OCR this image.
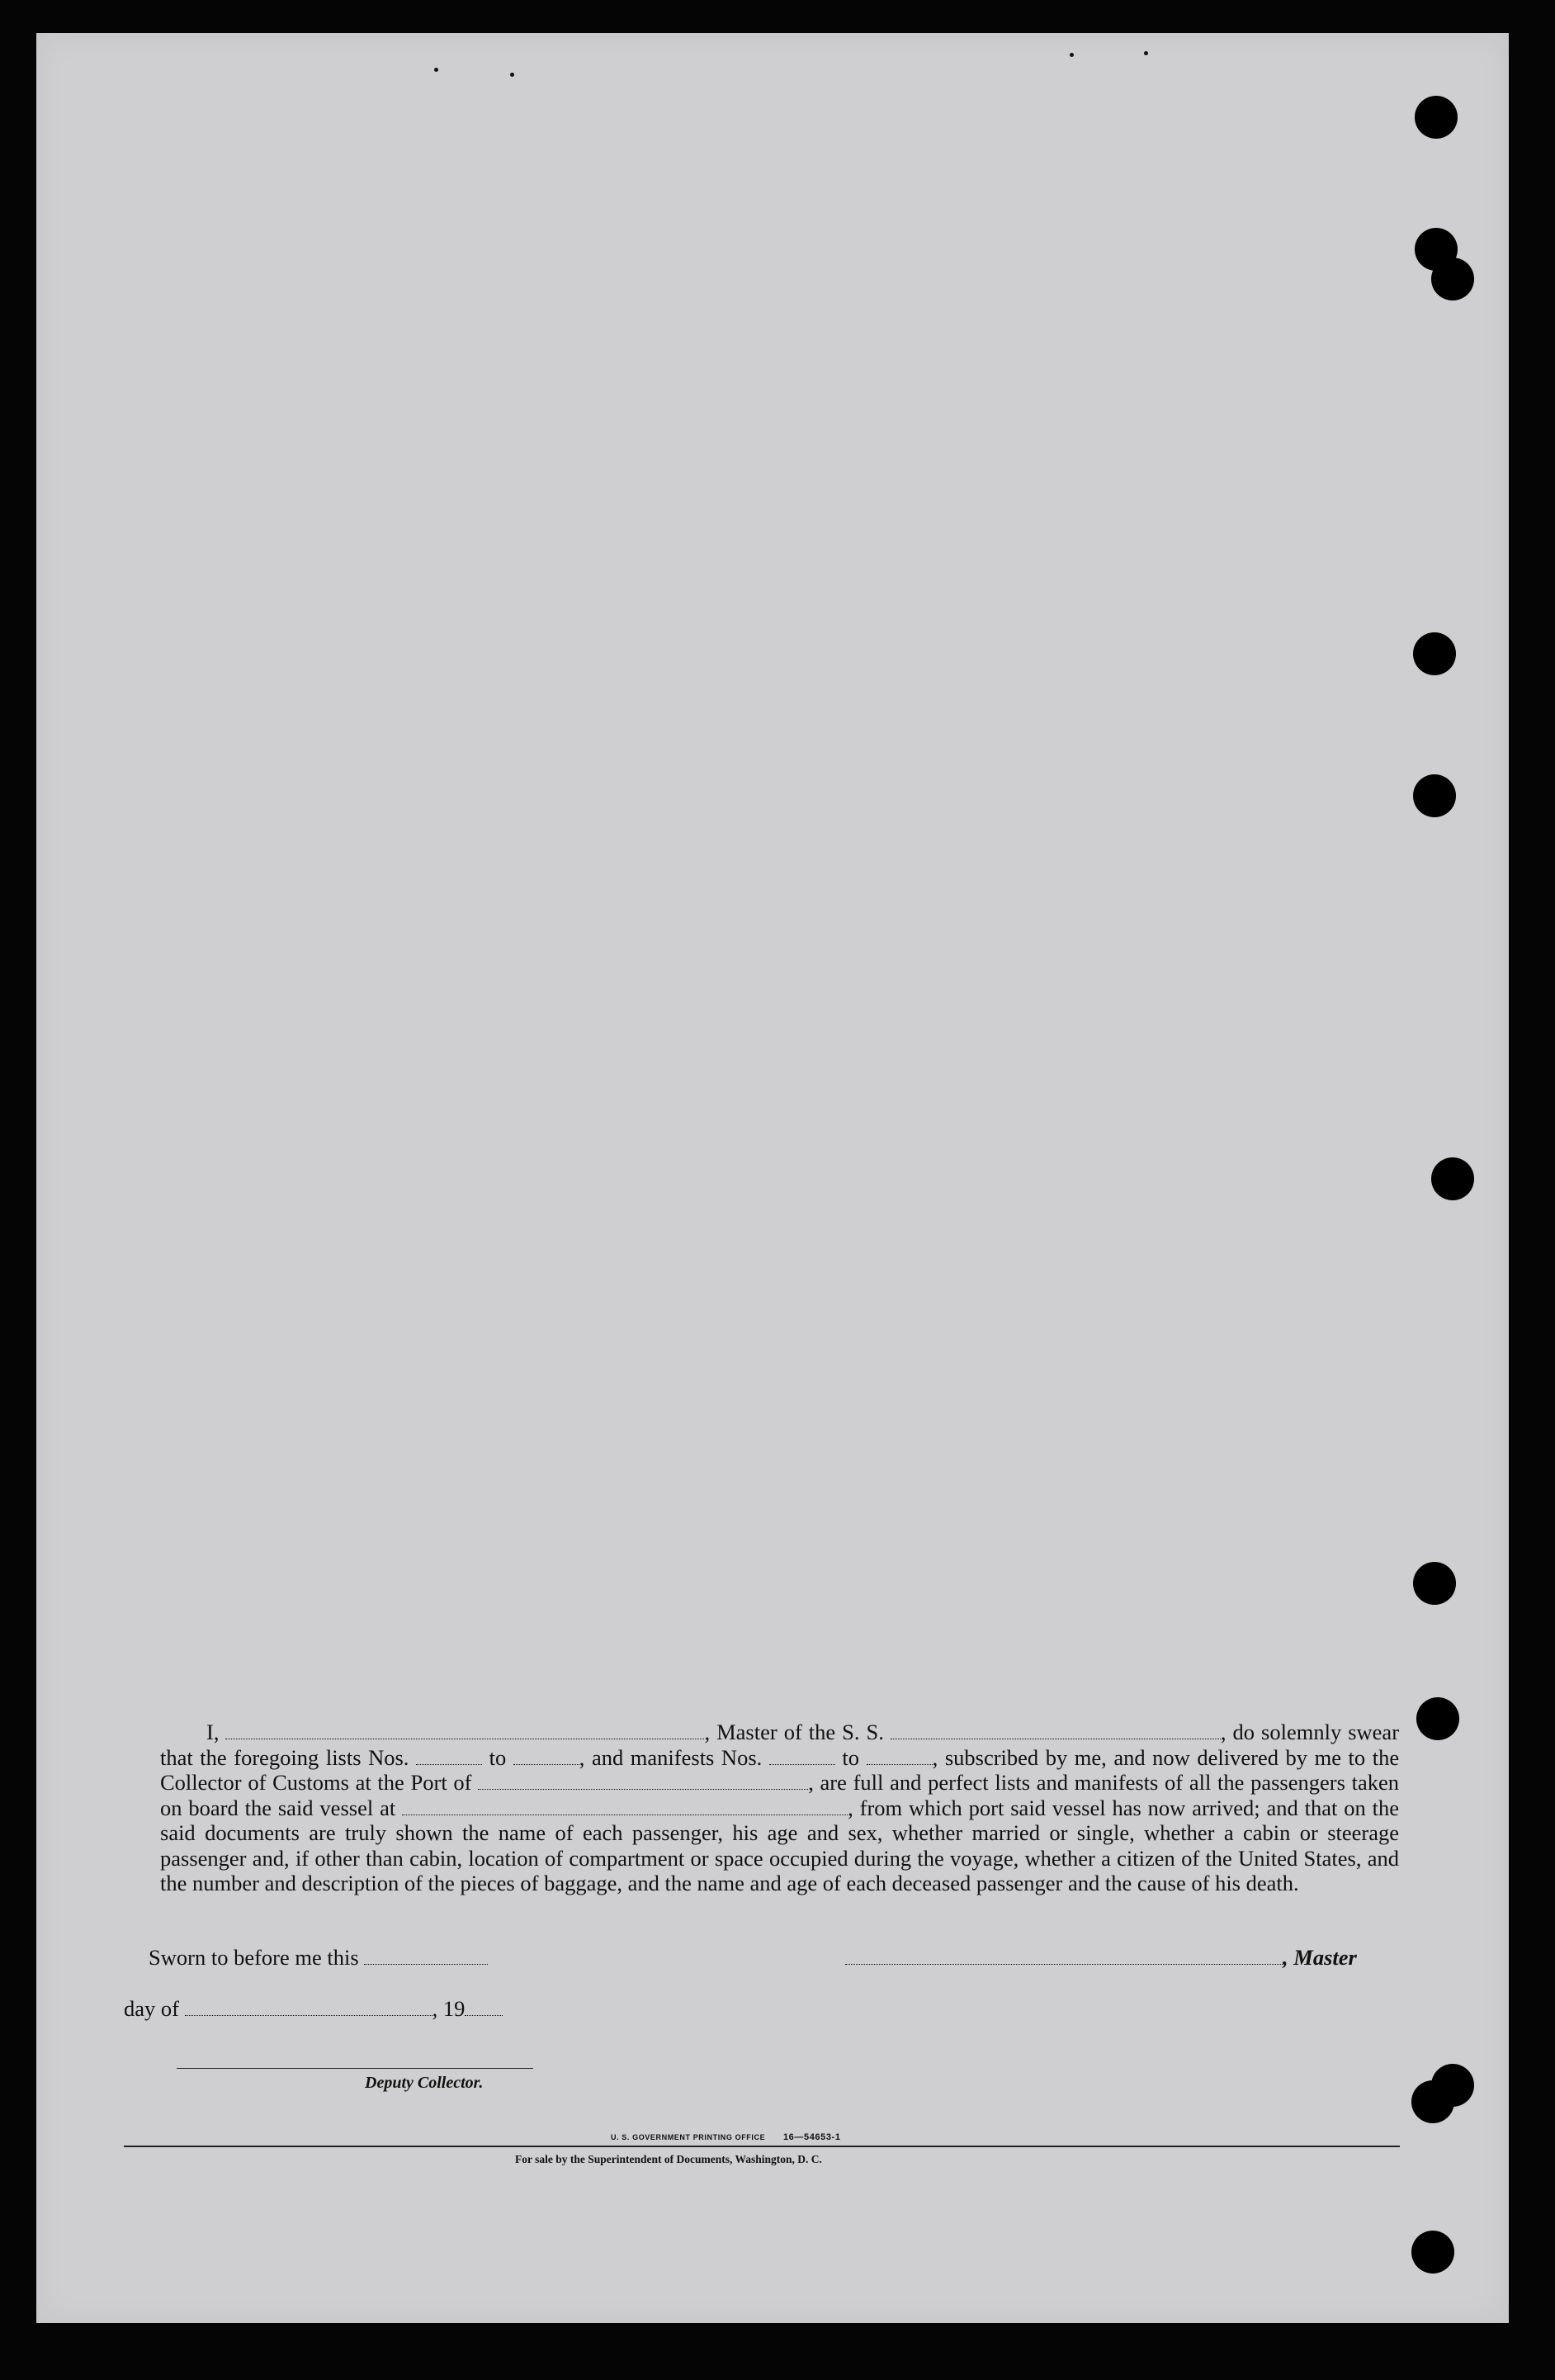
I,	, Master of the S. S.	, do solemnly swear that the foregoing lists Nos.	to	, and manifests Nos.	to	, subscribed by me, and now delivered by me to the Collector of Customs at the Port of	, are full and perfect lists and manifests of all the passengers taken on board the said vessel at	, from which port said vessel has now arrived; and that on the said documents are truly shown the name of each passenger, his age and sex, whether married or single, whether a cabin or steerage passenger and, if other than cabin, location of compartment or space occupied during the voyage, whether a citizen of the United States, and the number and description of the pieces of baggage, and the name and age of each deceased passenger and the cause of his death.
Sworn to before me this	, Master
day of	, 19
Deputy Collector.
U. S. GOVERNMENT PRINTING OFFICE 16—54653-1
For sale by the Superintendent of Documents, Washington, D. C.
